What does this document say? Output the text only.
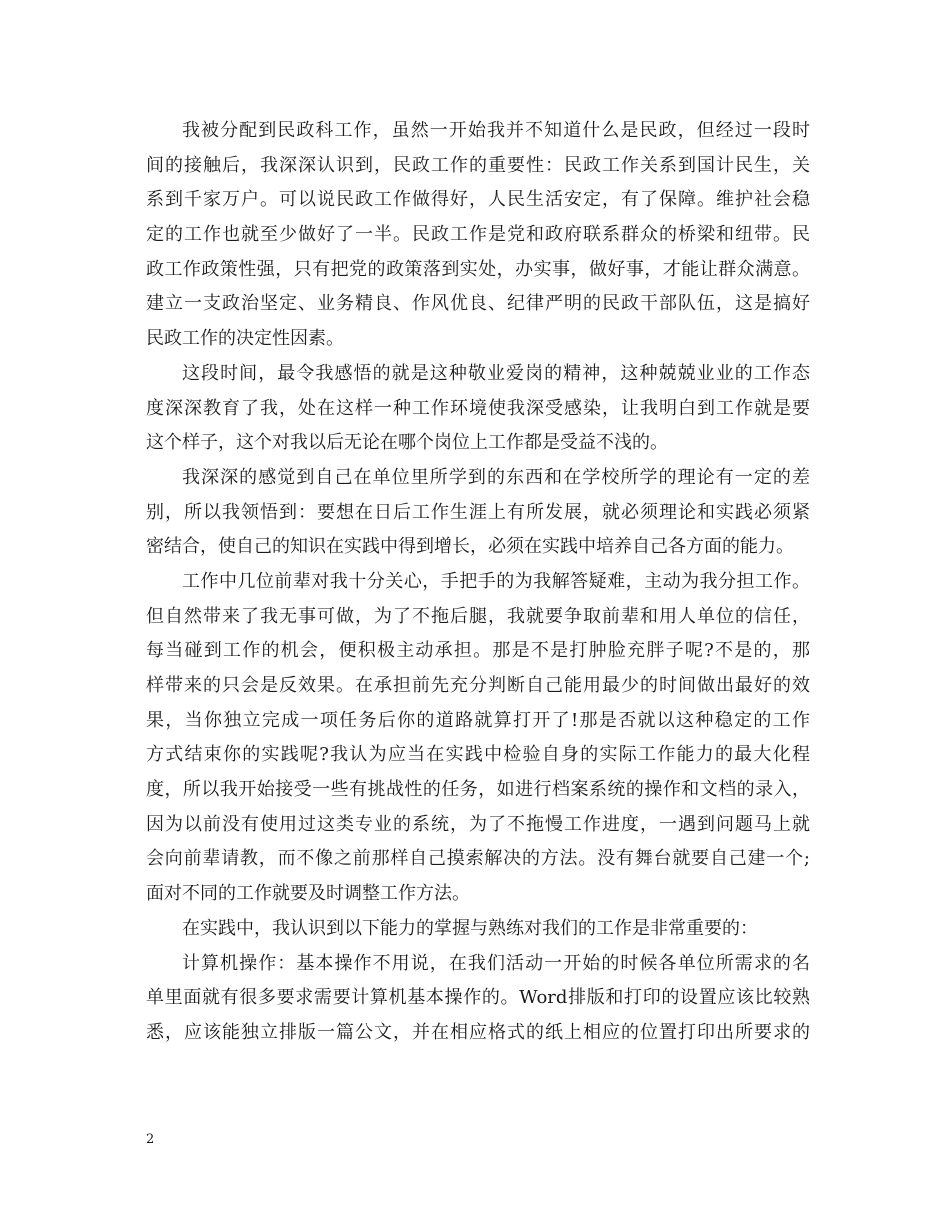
我被分配到民政科工作，虽然一开始我并不知道什么是民政，但经过一段时
间的接触后，我深深认识到，民政工作的重要性：民政工作关系到国计民生，关
系到千家万户。可以说民政工作做得好，人民生活安定，有了保障。维护社会稳
定的工作也就至少做好了一半。民政工作是党和政府联系群众的桥梁和纽带。民
政工作政策性强，只有把党的政策落到实处，办实事，做好事，才能让群众满意。
建立一支政治坚定、业务精良、作风优良、纪律严明的民政干部队伍，这是搞好
民政工作的决定性因素。
这段时间，最令我感悟的就是这种敬业爱岗的精神，这种兢兢业业的工作态
度深深教育了我，处在这样一种工作环境使我深受感染，让我明白到工作就是要
这个样子，这个对我以后无论在哪个岗位上工作都是受益不浅的。
我深深的感觉到自己在单位里所学到的东西和在学校所学的理论有一定的差
别，所以我领悟到：要想在日后工作生涯上有所发展，就必须理论和实践必须紧
密结合，使自己的知识在实践中得到增长，必须在实践中培养自己各方面的能力。
工作中几位前辈对我十分关心，手把手的为我解答疑难，主动为我分担工作。
但自然带来了我无事可做，为了不拖后腿，我就要争取前辈和用人单位的信任，
每当碰到工作的机会，便积极主动承担。那是不是打肿脸充胖子呢?不是的，那
样带来的只会是反效果。在承担前先充分判断自己能用最少的时间做出最好的效
果，当你独立完成一项任务后你的道路就算打开了!那是否就以这种稳定的工作
方式结束你的实践呢?我认为应当在实践中检验自身的实际工作能力的最大化程
度，所以我开始接受一些有挑战性的任务，如进行档案系统的操作和文档的录入，
因为以前没有使用过这类专业的系统，为了不拖慢工作进度，一遇到问题马上就
会向前辈请教，而不像之前那样自己摸索解决的方法。没有舞台就要自己建一个;
面对不同的工作就要及时调整工作方法。
在实践中，我认识到以下能力的掌握与熟练对我们的工作是非常重要的：
计算机操作：基本操作不用说，在我们活动一开始的时候各单位所需求的名
单里面就有很多要求需要计算机基本操作的。Word排版和打印的设置应该比较熟
悉，应该能独立排版一篇公文，并在相应格式的纸上相应的位置打印出所要求的
2
